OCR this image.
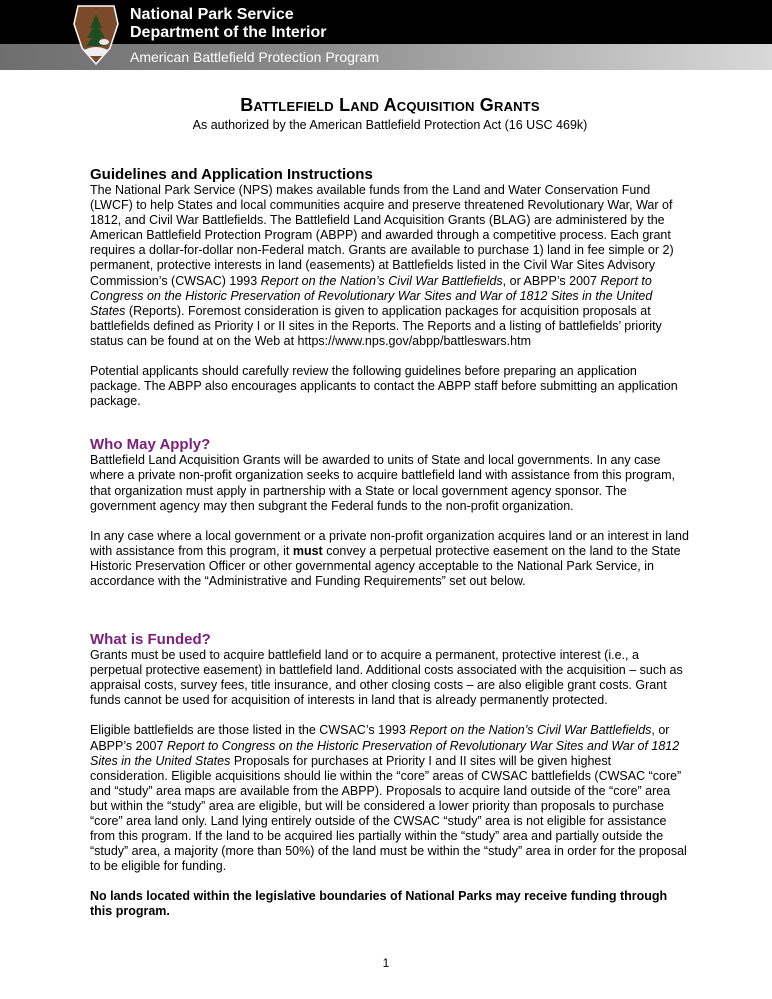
National Park Service
Department of the Interior
American Battlefield Protection Program
Battlefield Land Acquisition Grants
As authorized by the American Battlefield Protection Act (16 USC 469k)
Guidelines and Application Instructions

The National Park Service (NPS) makes available funds from the Land and Water Conservation Fund (LWCF) to help States and local communities acquire and preserve threatened Revolutionary War, War of 1812, and Civil War Battlefields. The Battlefield Land Acquisition Grants (BLAG) are administered by the American Battlefield Protection Program (ABPP) and awarded through a competitive process. Each grant requires a dollar-for-dollar non-Federal match. Grants are available to purchase 1) land in fee simple or 2) permanent, protective interests in land (easements) at Battlefields listed in the Civil War Sites Advisory Commission’s (CWSAC) 1993 Report on the Nation’s Civil War Battlefields, or ABPP’s 2007 Report to Congress on the Historic Preservation of Revolutionary War Sites and War of 1812 Sites in the United States (Reports). Foremost consideration is given to application packages for acquisition proposals at battlefields defined as Priority I or II sites in the Reports. The Reports and a listing of battlefields’ priority status can be found at on the Web at https://www.nps.gov/abpp/battleswars.htm

Potential applicants should carefully review the following guidelines before preparing an application package. The ABPP also encourages applicants to contact the ABPP staff before submitting an application package.

Who May Apply?

Battlefield Land Acquisition Grants will be awarded to units of State and local governments. In any case where a private non-profit organization seeks to acquire battlefield land with assistance from this program, that organization must apply in partnership with a State or local government agency sponsor. The government agency may then subgrant the Federal funds to the non-profit organization.

In any case where a local government or a private non-profit organization acquires land or an interest in land with assistance from this program, it must convey a perpetual protective easement on the land to the State Historic Preservation Officer or other governmental agency acceptable to the National Park Service, in accordance with the “Administrative and Funding Requirements” set out below.

What is Funded?

Grants must be used to acquire battlefield land or to acquire a permanent, protective interest (i.e., a perpetual protective easement) in battlefield land. Additional costs associated with the acquisition – such as appraisal costs, survey fees, title insurance, and other closing costs – are also eligible grant costs. Grant funds cannot be used for acquisition of interests in land that is already permanently protected.

Eligible battlefields are those listed in the CWSAC’s 1993 Report on the Nation’s Civil War Battlefields, or ABPP’s 2007 Report to Congress on the Historic Preservation of Revolutionary War Sites and War of 1812 Sites in the United States Proposals for purchases at Priority I and II sites will be given highest consideration. Eligible acquisitions should lie within the “core” areas of CWSAC battlefields (CWSAC “core” and “study” area maps are available from the ABPP). Proposals to acquire land outside of the “core” area but within the “study” area are eligible, but will be considered a lower priority than proposals to purchase “core” area land only. Land lying entirely outside of the CWSAC “study” area is not eligible for assistance from this program. If the land to be acquired lies partially within the “study” area and partially outside the “study” area, a majority (more than 50%) of the land must be within the “study” area in order for the proposal to be eligible for funding.

No lands located within the legislative boundaries of National Parks may receive funding through this program.

1
